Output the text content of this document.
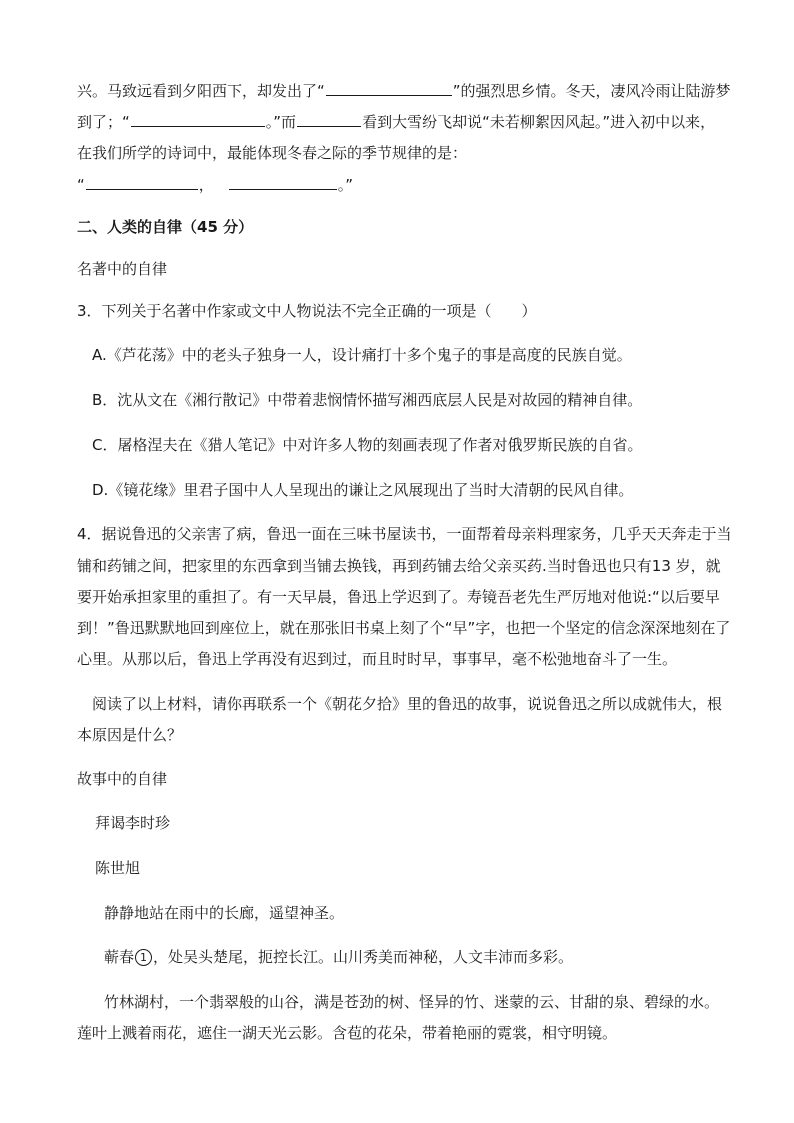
兴。马致远看到夕阳西下，却发出了“	”的强烈思乡情。冬天，凄风冷雨让陆游梦
到了；“	。”而	看到大雪纷飞却说“未若柳絮因风起。”进入初中以来，
在我们所学的诗词中，最能体现冬春之际的季节规律的是：
“	，	。”
二、人类的自律（45 分）
名著中的自律
3．下列关于名著中作家或文中人物说法不完全正确的一项是（　　）
A.《芦花荡》中的老头子独身一人，设计痛打十多个鬼子的事是高度的民族自觉。
B．沈从文在《湘行散记》中带着悲悯情怀描写湘西底层人民是对故园的精神自律。
C．屠格涅夫在《猎人笔记》中对许多人物的刻画表现了作者对俄罗斯民族的自省。
D.《镜花缘》里君子国中人人呈现出的谦让之风展现出了当时大清朝的民风自律。
4．据说鲁迅的父亲害了病，鲁迅一面在三味书屋读书，一面帮着母亲料理家务，几乎天天奔走于当
铺和药铺之间，把家里的东西拿到当铺去换钱，再到药铺去给父亲买药.当时鲁迅也只有13 岁，就
要开始承担家里的重担了。有一天早晨，鲁迅上学迟到了。寿镜吾老先生严厉地对他说:“以后要早
到！”鲁迅默默地回到座位上，就在那张旧书桌上刻了个“早”字，也把一个坚定的信念深深地刻在了
心里。从那以后，鲁迅上学再没有迟到过，而且时时早，事事早，毫不松弛地奋斗了一生。
阅读了以上材料，请你再联系一个《朝花夕拾》里的鲁迅的故事，说说鲁迅之所以成就伟大，根
本原因是什么？
故事中的自律
拜谒李时珍
陈世旭
静静地站在雨中的长廊，遥望神圣。
蕲春 1 ，处吴头楚尾，扼控长江。山川秀美而神秘，人文丰沛而多彩。
竹林湖村，一个翡翠般的山谷，满是苍劲的树、怪异的竹、迷蒙的云、甘甜的泉、碧绿的水。
莲叶上溅着雨花，遮住一湖天光云影。含苞的花朵，带着艳丽的霓裳，相守明镜。
